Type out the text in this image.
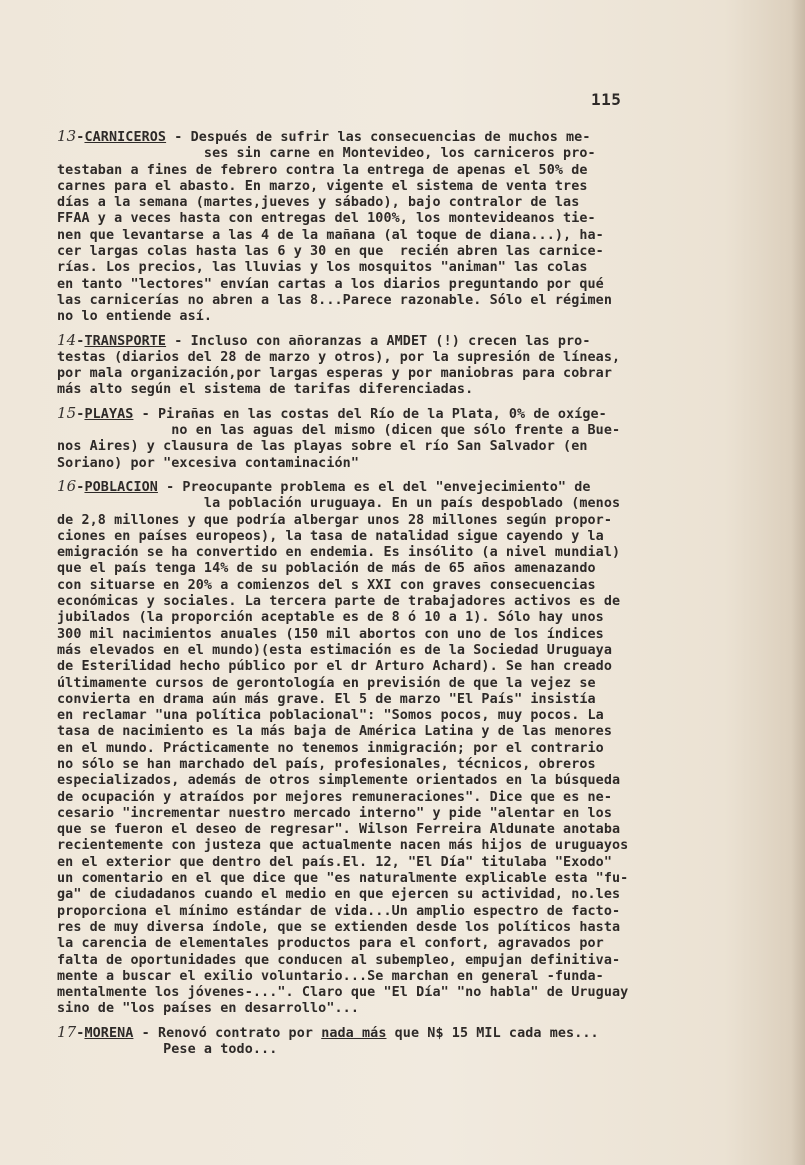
115
13-CARNICEROS - Después de sufrir las consecuencias de muchos me-
ses sin carne en Montevideo, los carniceros pro-
testaban a fines de febrero contra la entrega de apenas el 50% de
carnes para el abasto. En marzo, vigente el sistema de venta tres
días a la semana (martes,jueves y sábado), bajo contralor de las
FFAA y a veces hasta con entregas del 100%, los montevideanos tie-
nen que levantarse a las 4 de la mañana (al toque de diana...), ha-
cer largas colas hasta las 6 y 30 en que  recién abren las carnice-
rías. Los precios, las lluvias y los mosquitos "animan" las colas
en tanto "lectores" envían cartas a los diarios preguntando por qué
las carnicerías no abren a las 8...Parece razonable. Sólo el régimen
no lo entiende así.
14-TRANSPORTE - Incluso con añoranzas a AMDET (!) crecen las pro-
testas (diarios del 28 de marzo y otros), por la supresión de líneas,
por mala organización,por largas esperas y por maniobras para cobrar
más alto según el sistema de tarifas diferenciadas.
15-PLAYAS - Pirañas en las costas del Río de la Plata, 0% de oxíge-
no en las aguas del mismo (dicen que sólo frente a Bue-
nos Aires) y clausura de las playas sobre el río San Salvador (en
Soriano) por "excesiva contaminación"
16-POBLACION - Preocupante problema es el del "envejecimiento" de
la población uruguaya. En un país despoblado (menos
de 2,8 millones y que podría albergar unos 28 millones según propor-
ciones en países europeos), la tasa de natalidad sigue cayendo y la
emigración se ha convertido en endemia. Es insólito (a nivel mundial)
que el país tenga 14% de su población de más de 65 años amenazando
con situarse en 20% a comienzos del s XXI con graves consecuencias
económicas y sociales. La tercera parte de trabajadores activos es de
jubilados (la proporción aceptable es de 8 ó 10 a 1). Sólo hay unos
300 mil nacimientos anuales (150 mil abortos con uno de los índices
más elevados en el mundo)(esta estimación es de la Sociedad Uruguaya
de Esterilidad hecho público por el dr Arturo Achard). Se han creado
últimamente cursos de gerontología en previsión de que la vejez se
convierta en drama aún más grave. El 5 de marzo "El País" insistía
en reclamar "una política poblacional": "Somos pocos, muy pocos. La
tasa de nacimiento es la más baja de América Latina y de las menores
en el mundo. Prácticamente no tenemos inmigración; por el contrario
no sólo se han marchado del país, profesionales, técnicos, obreros
especializados, además de otros simplemente orientados en la búsqueda
de ocupación y atraídos por mejores remuneraciones". Dice que es ne-
cesario "incrementar nuestro mercado interno" y pide "alentar en los
que se fueron el deseo de regresar". Wilson Ferreira Aldunate anotaba
recientemente con justeza que actualmente nacen más hijos de uruguayos
en el exterior que dentro del país.El. 12, "El Día" titulaba "Exodo"
un comentario en el que dice que "es naturalmente explicable esta "fu-
ga" de ciudadanos cuando el medio en que ejercen su actividad, no.les
proporciona el mínimo estándar de vida...Un amplio espectro de facto-
res de muy diversa índole, que se extienden desde los políticos hasta
la carencia de elementales productos para el confort, agravados por
falta de oportunidades que conducen al subempleo, empujan definitiva-
mente a buscar el exilio voluntario...Se marchan en general -funda-
mentalmente los jóvenes-...". Claro que "El Día" "no habla" de Uruguay
sino de "los países en desarrollo"...
17-MORENA - Renovó contrato por nada más que N$ 15 MIL cada mes...
Pese a todo...
